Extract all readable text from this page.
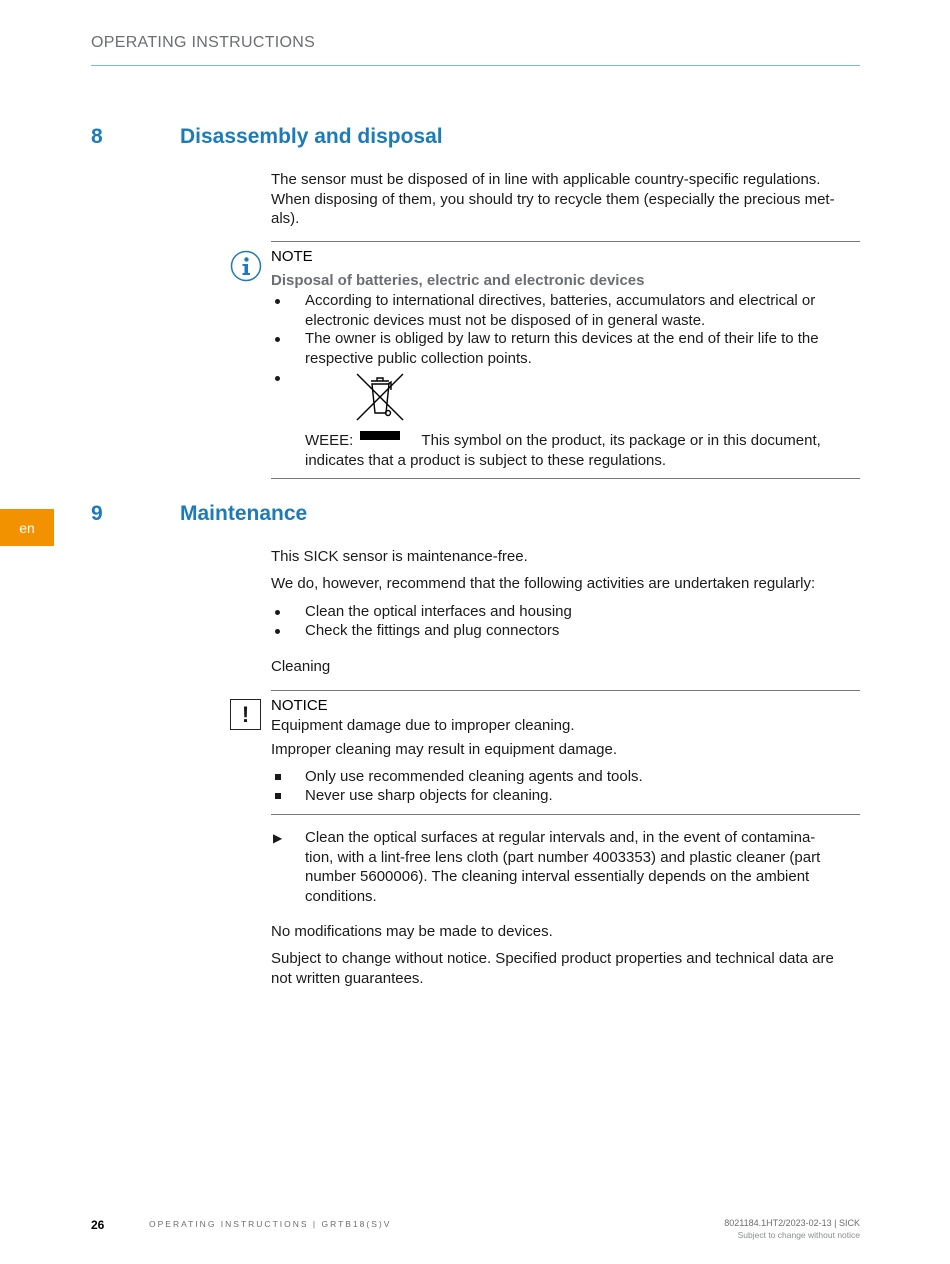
OPERATING INSTRUCTIONS
en
8	Disassembly and disposal
The sensor must be disposed of in line with applicable country-specific regulations.
When disposing of them, you should try to recycle them (especially the precious met-
als).
NOTE
Disposal of batteries, electric and electronic devices
According to international directives, batteries, accumulators and electrical or
electronic devices must not be disposed of in general waste.
The owner is obliged by law to return this devices at the end of their life to the
respective public collection points.
WEEE:	This symbol on the product, its package or in this document,
indicates that a product is subject to these regulations.
9	Maintenance
This SICK sensor is maintenance-free.
We do, however, recommend that the following activities are undertaken regularly:
Clean the optical interfaces and housing
Check the fittings and plug connectors
Cleaning
!	NOTICE
Equipment damage due to improper cleaning.
Improper cleaning may result in equipment damage.
Only use recommended cleaning agents and tools.
Never use sharp objects for cleaning.
▶	Clean the optical surfaces at regular intervals and, in the event of contamina-
tion, with a lint-free lens cloth (part number 4003353) and plastic cleaner (part
number 5600006). The cleaning interval essentially depends on the ambient
conditions.
No modifications may be made to devices.
Subject to change without notice. Specified product properties and technical data are
not written guarantees.
26	OPERATING INSTRUCTIONS | GRTB18(S)V	8021184.1HT2/2023-02-13 | SICK
Subject to change without notice
